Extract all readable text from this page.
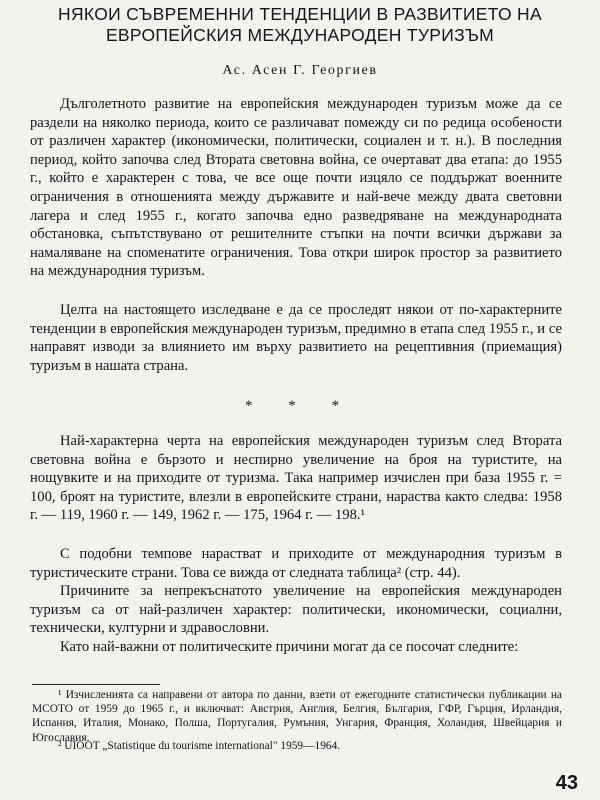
НЯКОИ СЪВРЕМЕННИ ТЕНДЕНЦИИ В РАЗВИТИЕТО НА
ЕВРОПЕЙСКИЯ МЕЖДУНАРОДЕН ТУРИЗЪМ
Ас. Асен Г. Георгиев

Дълголетното развитие на европейския международен туризъм може да се раздели на няколко периода, които се различават помежду си по редица особености от различен характер (икономически, политически, социален и т. н.). В последния период, който започва след Втората световна война, се очертават два етапа: до 1955 г., който е характерен с това, че все още почти изцяло се поддържат военните ограничения в отношенията между държавите и най-вече между двата световни лагера и след 1955 г., когато започва едно разведряване на международната обстановка, съпътствувано от решителните стъпки на почти всички държави за намаляване на споменатите ограничения. Това откри широк простор за развитието на международния туризъм.

Целта на настоящето изследване е да се проследят някои от по-характерните тенденции в европейския международен туризъм, предимно в етапа след 1955 г., и се направят изводи за влиянието им върху развитието на рецептивния (приемащия) туризъм в нашата страна.

* * *

Най-характерна черта на европейския международен туризъм след Втората световна война е бързото и неспирно увеличение на броя на туристите, на нощувките и на приходите от туризма. Така например изчислен при база 1955 г. = 100, броят на туристите, влезли в европейските страни, нараства както следва: 1958 г. — 119, 1960 г. — 149, 1962 г. — 175, 1964 г. — 198.¹

С подобни темпове нарастват и приходите от международния туризъм в туристическите страни. Това се вижда от следната таблица² (стр. 44).

Причините за непрекъснатото увеличение на европейския международен туризъм са от най-различен характер: политически, икономически, социални, технически, културни и здравословни.

Като най-важни от политическите причини могат да се посочат следните:

¹ Изчисленията са направени от автора по данни, взети от ежегодните статистически публикации на МСОТО от 1959 до 1965 г., и включват: Австрия, Англия, Белгия, България, ГФР, Гърция, Ирландия, Испания, Италия, Монако, Полша, Португалия, Румъния, Унгария, Франция, Холандия, Швейцария и Югославия.

² UIOOT „Statistique du tourisme international" 1959—1964.

43
